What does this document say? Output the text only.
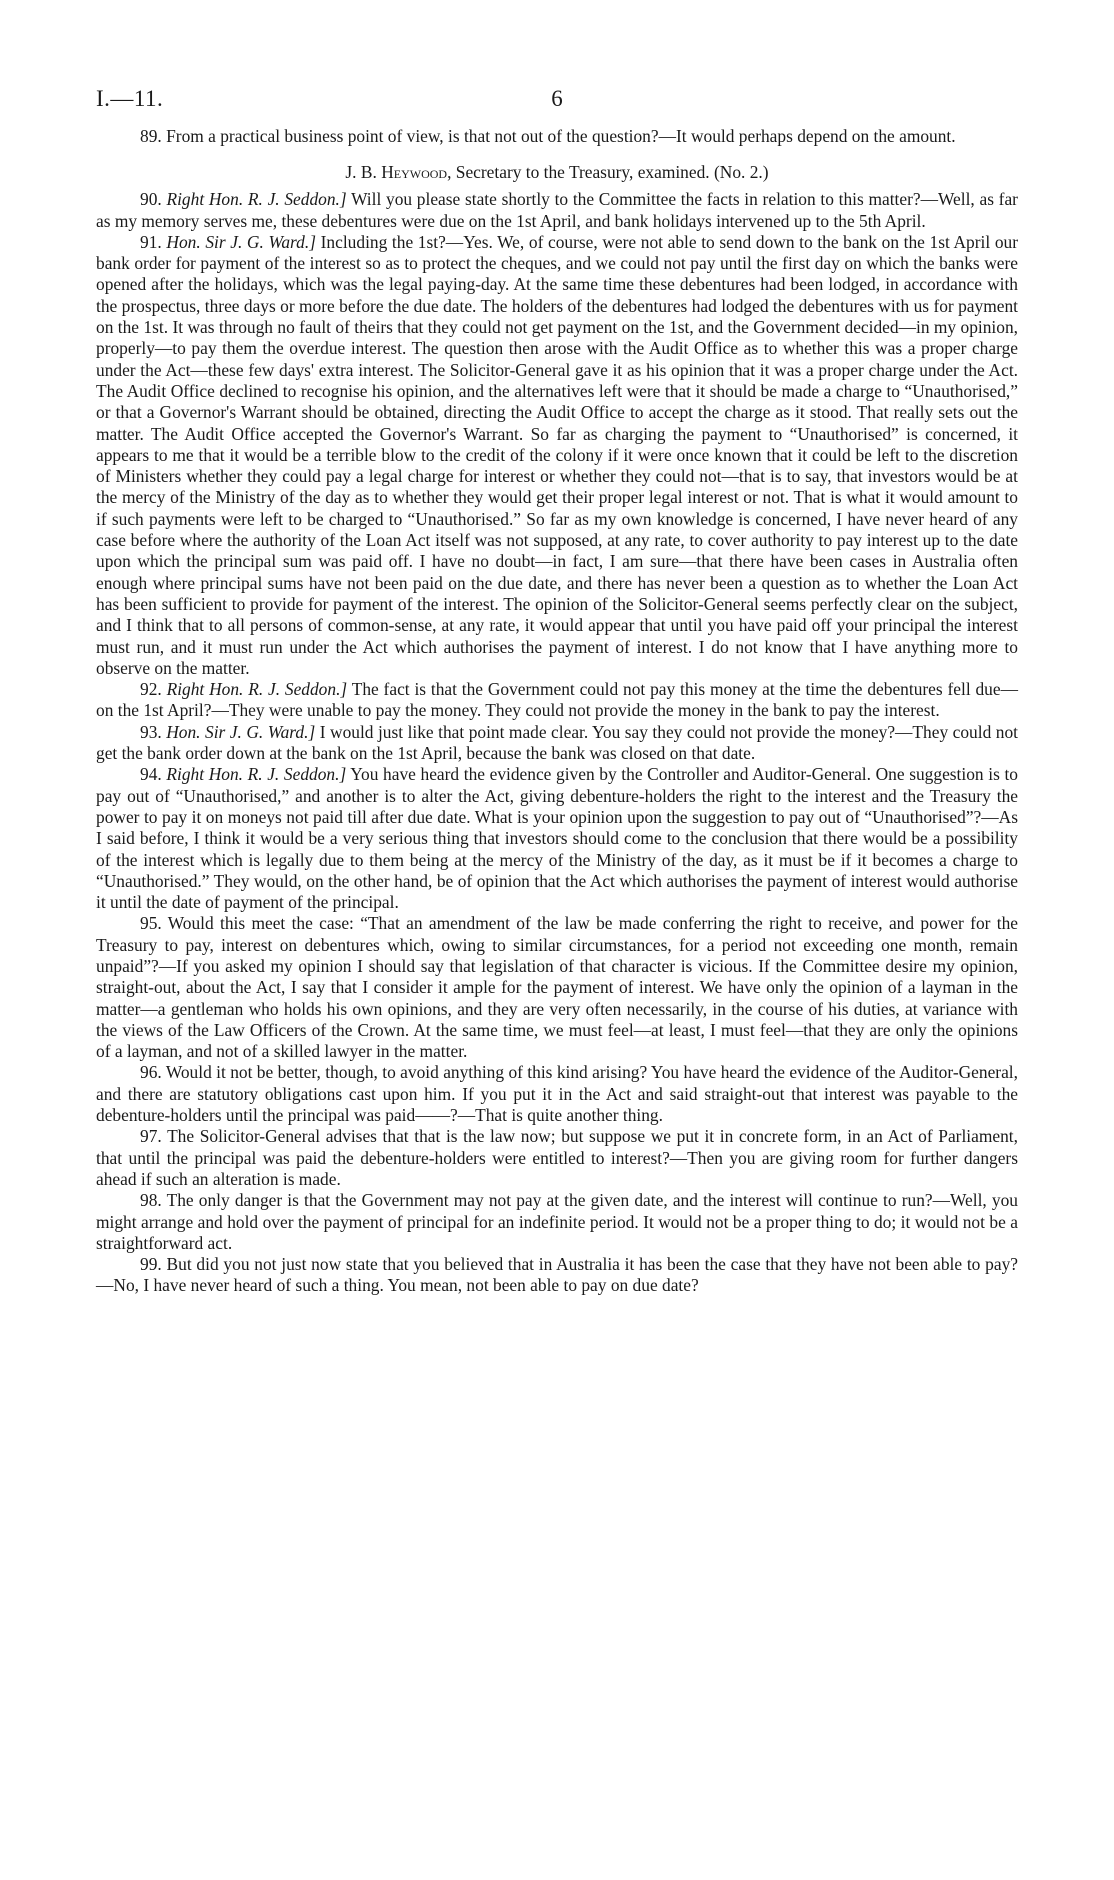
I.—11.	6

89. From a practical business point of view, is that not out of the question?—It would perhaps depend on the amount.

J. B. Heywood, Secretary to the Treasury, examined. (No. 2.)

90. Right Hon. R. J. Seddon.] Will you please state shortly to the Committee the facts in relation to this matter?—Well, as far as my memory serves me, these debentures were due on the 1st April, and bank holidays intervened up to the 5th April.

91. Hon. Sir J. G. Ward.] Including the 1st?—Yes. We, of course, were not able to send down to the bank on the 1st April our bank order for payment of the interest so as to protect the cheques, and we could not pay until the first day on which the banks were opened after the holidays, which was the legal paying-day. At the same time these debentures had been lodged, in accordance with the prospectus, three days or more before the due date. The holders of the debentures had lodged the debentures with us for payment on the 1st. It was through no fault of theirs that they could not get payment on the 1st, and the Government decided—in my opinion, properly—to pay them the overdue interest. The question then arose with the Audit Office as to whether this was a proper charge under the Act—these few days' extra interest. The Solicitor-General gave it as his opinion that it was a proper charge under the Act. The Audit Office declined to recognise his opinion, and the alternatives left were that it should be made a charge to “Unauthorised,” or that a Governor's Warrant should be obtained, directing the Audit Office to accept the charge as it stood. That really sets out the matter. The Audit Office accepted the Governor's Warrant. So far as charging the payment to “Unauthorised” is concerned, it appears to me that it would be a terrible blow to the credit of the colony if it were once known that it could be left to the discretion of Ministers whether they could pay a legal charge for interest or whether they could not—that is to say, that investors would be at the mercy of the Ministry of the day as to whether they would get their proper legal interest or not. That is what it would amount to if such payments were left to be charged to “Unauthorised.” So far as my own knowledge is concerned, I have never heard of any case before where the authority of the Loan Act itself was not supposed, at any rate, to cover authority to pay interest up to the date upon which the principal sum was paid off. I have no doubt—in fact, I am sure—that there have been cases in Australia often enough where principal sums have not been paid on the due date, and there has never been a question as to whether the Loan Act has been sufficient to provide for payment of the interest. The opinion of the Solicitor-General seems perfectly clear on the subject, and I think that to all persons of common-sense, at any rate, it would appear that until you have paid off your principal the interest must run, and it must run under the Act which authorises the payment of interest. I do not know that I have anything more to observe on the matter.

92. Right Hon. R. J. Seddon.] The fact is that the Government could not pay this money at the time the debentures fell due—on the 1st April?—They were unable to pay the money. They could not provide the money in the bank to pay the interest.

93. Hon. Sir J. G. Ward.] I would just like that point made clear. You say they could not provide the money?—They could not get the bank order down at the bank on the 1st April, because the bank was closed on that date.

94. Right Hon. R. J. Seddon.] You have heard the evidence given by the Controller and Auditor-General. One suggestion is to pay out of “Unauthorised,” and another is to alter the Act, giving debenture-holders the right to the interest and the Treasury the power to pay it on moneys not paid till after due date. What is your opinion upon the suggestion to pay out of “Unauthorised”?—As I said before, I think it would be a very serious thing that investors should come to the conclusion that there would be a possibility of the interest which is legally due to them being at the mercy of the Ministry of the day, as it must be if it becomes a charge to “Unauthorised.” They would, on the other hand, be of opinion that the Act which authorises the payment of interest would authorise it until the date of payment of the principal.

95. Would this meet the case: “That an amendment of the law be made conferring the right to receive, and power for the Treasury to pay, interest on debentures which, owing to similar circumstances, for a period not exceeding one month, remain unpaid”?—If you asked my opinion I should say that legislation of that character is vicious. If the Committee desire my opinion, straight-out, about the Act, I say that I consider it ample for the payment of interest. We have only the opinion of a layman in the matter—a gentleman who holds his own opinions, and they are very often necessarily, in the course of his duties, at variance with the views of the Law Officers of the Crown. At the same time, we must feel—at least, I must feel—that they are only the opinions of a layman, and not of a skilled lawyer in the matter.

96. Would it not be better, though, to avoid anything of this kind arising? You have heard the evidence of the Auditor-General, and there are statutory obligations cast upon him. If you put it in the Act and said straight-out that interest was payable to the debenture-holders until the principal was paid——?—That is quite another thing.

97. The Solicitor-General advises that that is the law now; but suppose we put it in concrete form, in an Act of Parliament, that until the principal was paid the debenture-holders were entitled to interest?—Then you are giving room for further dangers ahead if such an alteration is made.

98. The only danger is that the Government may not pay at the given date, and the interest will continue to run?—Well, you might arrange and hold over the payment of principal for an indefinite period. It would not be a proper thing to do; it would not be a straightforward act.

99. But did you not just now state that you believed that in Australia it has been the case that they have not been able to pay?—No, I have never heard of such a thing. You mean, not been able to pay on due date?
